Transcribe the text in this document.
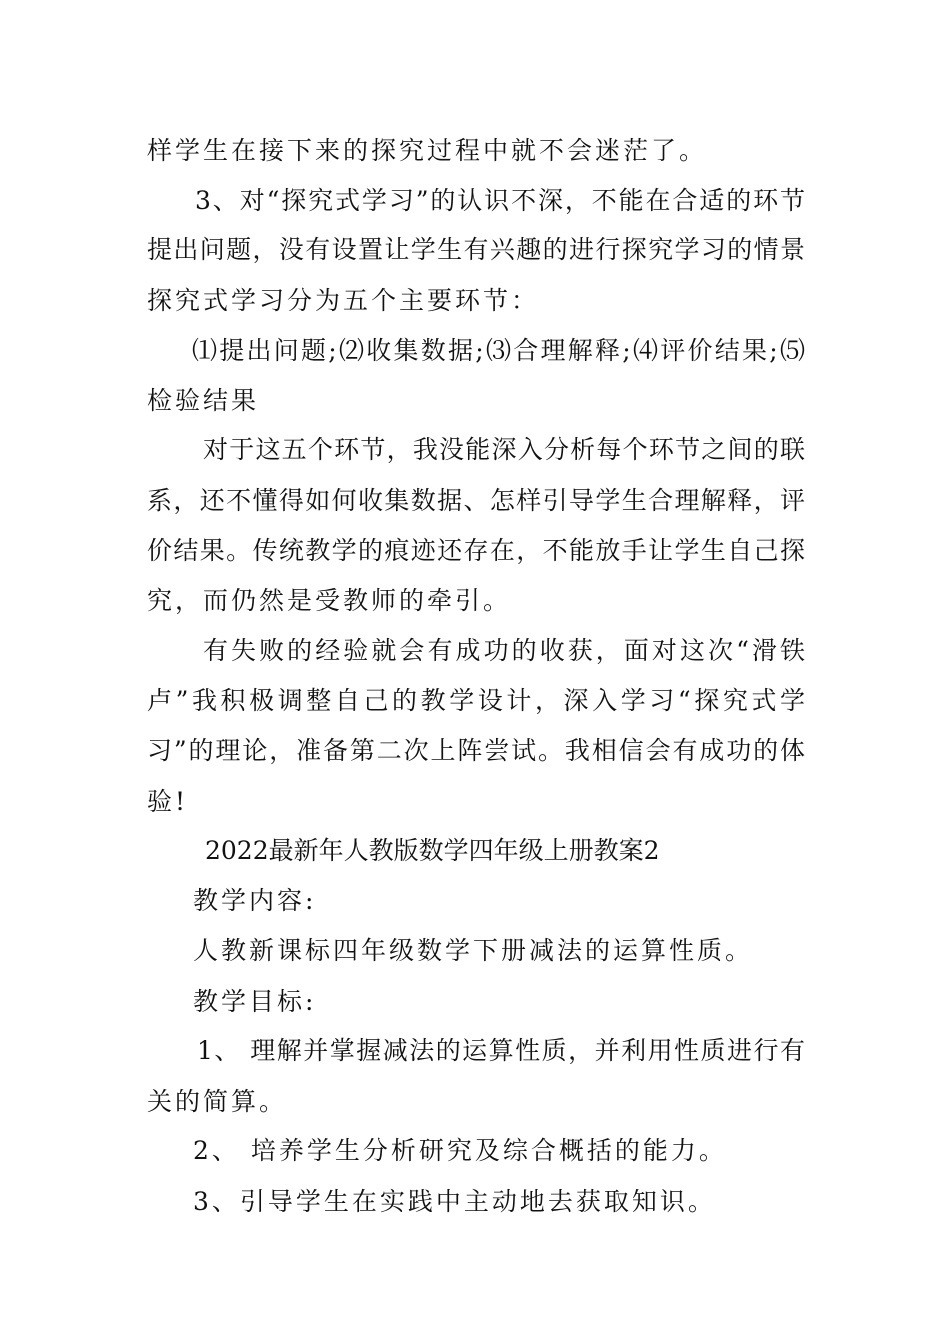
样学生在接下来的探究过程中就不会迷茫了。
3、对“探究式学习”的认识不深，不能在合适的环节
提出问题，没有设置让学生有兴趣的进行探究学习的情景
探究式学习分为五个主要环节：
⑴提出问题;⑵收集数据;⑶合理解释;⑷评价结果;⑸
检验结果
对于这五个环节，我没能深入分析每个环节之间的联
系，还不懂得如何收集数据、怎样引导学生合理解释，评
价结果。传统教学的痕迹还存在，不能放手让学生自己探
究，而仍然是受教师的牵引。
有失败的经验就会有成功的收获，面对这次“滑铁
卢”我积极调整自己的教学设计，深入学习“探究式学
习”的理论，准备第二次上阵尝试。我相信会有成功的体
验!
2022最新年人教版数学四年级上册教案2
教学内容:
人教新课标四年级数学下册减法的运算性质。
教学目标:
1、 理解并掌握减法的运算性质，并利用性质进行有
关的简算。
2、 培养学生分析研究及综合概括的能力。
3、引导学生在实践中主动地去获取知识。
